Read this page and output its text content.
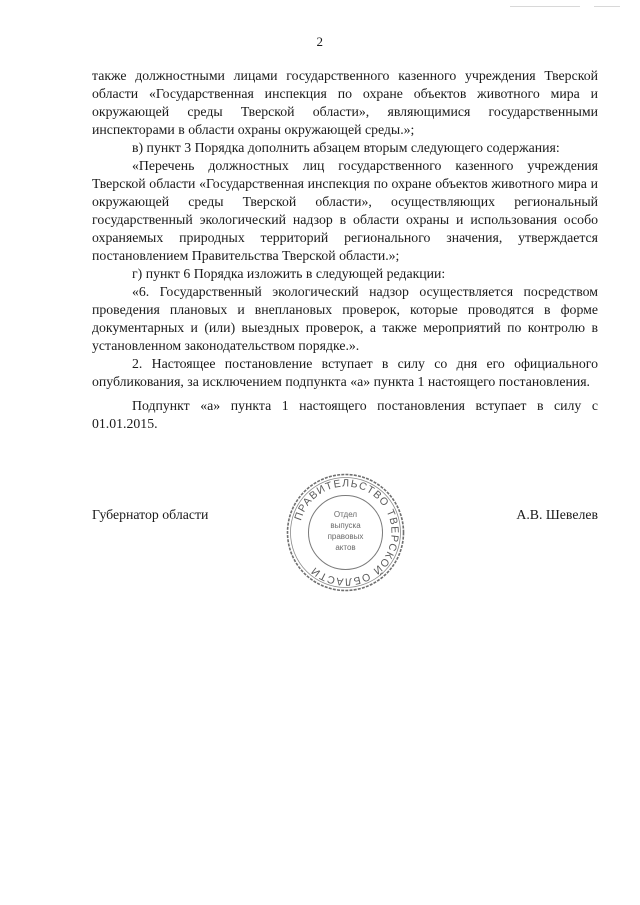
2

также должностными лицами государственного казенного учреждения Тверской области «Государственная инспекция по охране объектов животного мира и окружающей среды Тверской области», являющимися государственными инспекторами в области охраны окружающей среды.»;

в) пункт 3 Порядка дополнить абзацем вторым следующего содержания:

«Перечень должностных лиц государственного казенного учреждения Тверской области «Государственная инспекция по охране объектов животного мира и окружающей среды Тверской области», осуществляющих региональный государственный экологический надзор в области охраны и использования особо охраняемых природных территорий регионального значения, утверждается постановлением Правительства Тверской области.»;

г) пункт 6 Порядка изложить в следующей редакции:

«6. Государственный экологический надзор осуществляется посредством проведения плановых и внеплановых проверок, которые проводятся в форме документарных и (или) выездных проверок, а также мероприятий по контролю в установленном законодательством порядке.».

2. Настоящее постановление вступает в силу со дня его официального опубликования, за исключением подпункта «а» пункта 1 настоящего постановления.

Подпункт «а» пункта 1 настоящего постановления вступает в силу с 01.01.2015.

Губернатор области	А.В. Шевелев
ПРАВИТЕЛЬСТВО ТВЕРСКОЙ ОБЛАСТИ
Отдел
выпуска
правовых
актов
